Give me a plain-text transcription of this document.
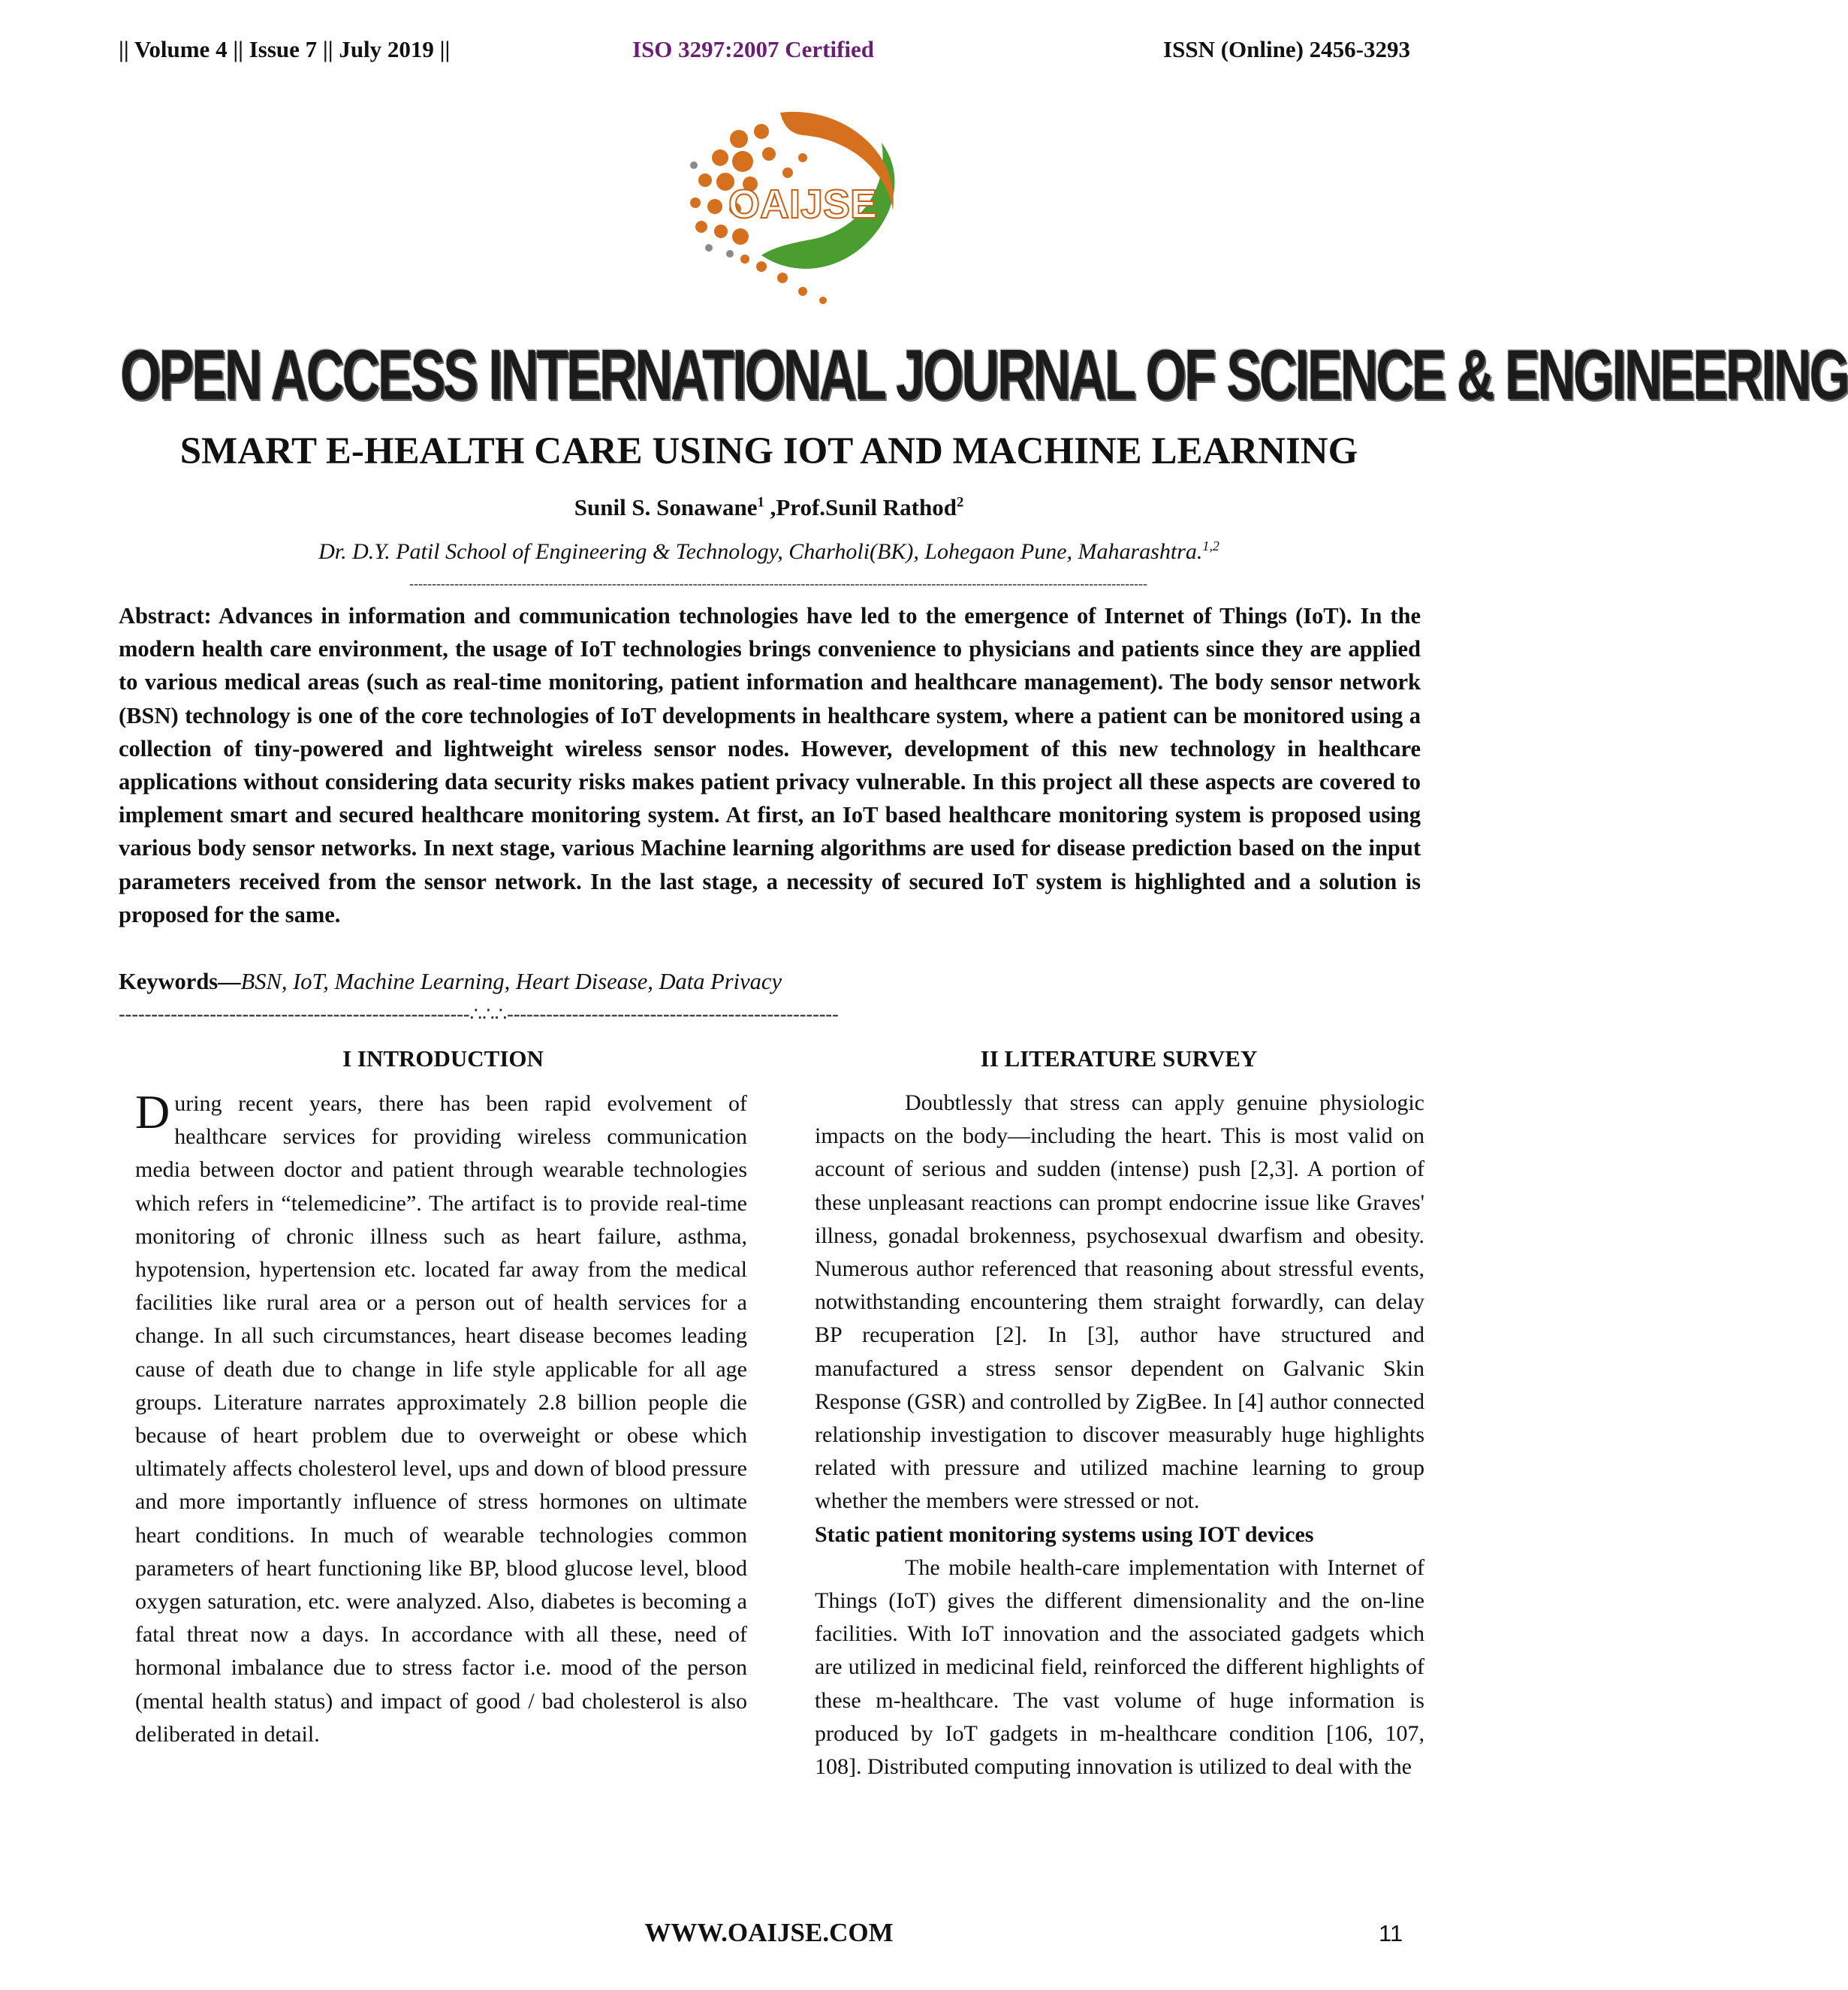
|| Volume 4 || Issue 7 || July 2019 ||	ISO 3297:2007 Certified	ISSN (Online) 2456-3293
OAIJSE
OPEN ACCESS INTERNATIONAL JOURNAL OF SCIENCE & ENGINEERING
SMART E-HEALTH CARE USING IOT AND MACHINE LEARNING
Sunil S. Sonawane$^1$ ,Prof.Sunil Rathod$^2$
Dr. D.Y. Patil School of Engineering & Technology, Charholi(BK), Lohegaon Pune, Maharashtra.$^{1,2}$
--------------------------------------------------------------------------------------------------------------------------------------------------------------------
Abstract: Advances in information and communication technologies have led to the emergence of Internet of Things (IoT). In the modern health care environment, the usage of IoT technologies brings convenience to physicians and patients since they are applied to various medical areas (such as real-time monitoring, patient information and healthcare management). The body sensor network (BSN) technology is one of the core technologies of IoT developments in healthcare system, where a patient can be monitored using a collection of tiny-powered and lightweight wireless sensor nodes. However, development of this new technology in healthcare applications without considering data security risks makes patient privacy vulnerable. In this project all these aspects are covered to implement smart and secured healthcare monitoring system. At first, an IoT based healthcare monitoring system is proposed using various body sensor networks. In next stage, various Machine learning algorithms are used for disease prediction based on the input parameters received from the sensor network. In the last stage, a necessity of secured IoT system is highlighted and a solution is proposed for the same.
Keywords—BSN, IoT, Machine Learning, Heart Disease, Data Privacy
------------------------------------------------------∴∴∴---------------------------------------------------
I INTRODUCTION
During recent years, there has been rapid evolvement of healthcare services for providing wireless communication media between doctor and patient through wearable technologies which refers in “telemedicine”. The artifact is to provide real-time monitoring of chronic illness such as heart failure, asthma, hypotension, hypertension etc. located far away from the medical facilities like rural area or a person out of health services for a change. In all such circumstances, heart disease becomes leading cause of death due to change in life style applicable for all age groups. Literature narrates approximately 2.8 billion people die because of heart problem due to overweight or obese which ultimately affects cholesterol level, ups and down of blood pressure and more importantly influence of stress hormones on ultimate heart conditions. In much of wearable technologies common parameters of heart functioning like BP, blood glucose level, blood oxygen saturation, etc. were analyzed. Also, diabetes is becoming a fatal threat now a days. In accordance with all these, need of hormonal imbalance due to stress factor i.e. mood of the person (mental health status) and impact of good / bad cholesterol is also deliberated in detail.
II LITERATURE SURVEY

Doubtlessly that stress can apply genuine physiologic impacts on the body—including the heart. This is most valid on account of serious and sudden (intense) push [2,3]. A portion of these unpleasant reactions can prompt endocrine issue like Graves' illness, gonadal brokenness, psychosexual dwarfism and obesity. Numerous author referenced that reasoning about stressful events, notwithstanding encountering them straight forwardly, can delay BP recuperation [2]. In [3], author have structured and manufactured a stress sensor dependent on Galvanic Skin Response (GSR) and controlled by ZigBee. In [4] author connected relationship investigation to discover measurably huge highlights related with pressure and utilized machine learning to group whether the members were stressed or not.

Static patient monitoring systems using IOT devices

The mobile health-care implementation with Internet of Things (IoT) gives the different dimensionality and the on-line facilities. With IoT innovation and the associated gadgets which are utilized in medicinal field, reinforced the different highlights of these m-healthcare. The vast volume of huge information is produced by IoT gadgets in m-healthcare condition [106, 107, 108]. Distributed computing innovation is utilized to deal with the

WWW.OAIJSE.COM	11
